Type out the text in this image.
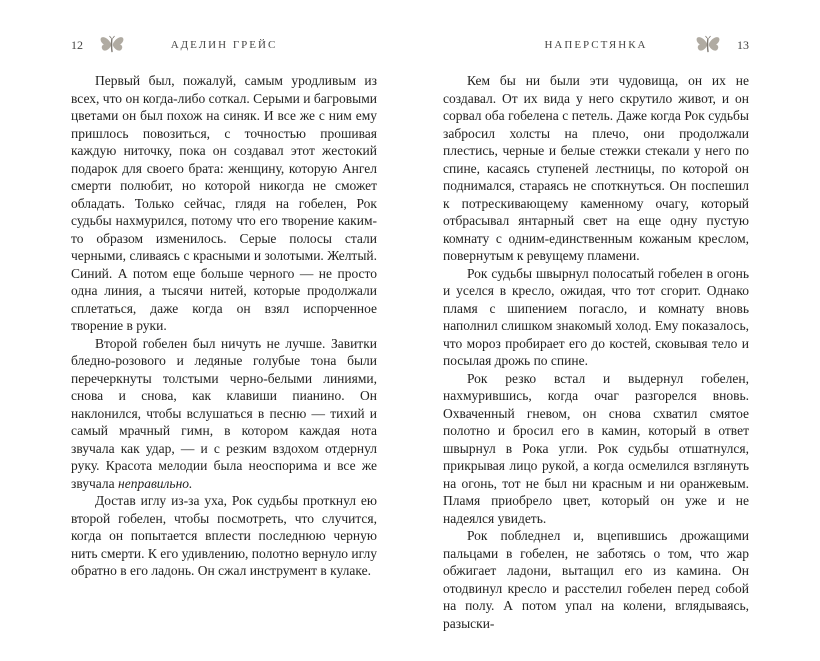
12	АДЕЛИН ГРЕЙС

Первый был, пожалуй, самым уродливым из всех, что он когда-либо соткал. Серыми и багровыми цветами он был похож на синяк. И все же с ним ему пришлось повозиться, с точностью прошивая каждую ниточку, пока он создавал этот жестокий подарок для своего брата: женщину, которую Ангел смерти полюбит, но которой никогда не сможет обладать. Только сейчас, глядя на гобелен, Рок судьбы нахмурился, потому что его творение каким-то образом изменилось. Серые полосы стали черными, сливаясь с красными и золотыми. Желтый. Синий. А потом еще больше черного — не просто одна линия, а тысячи нитей, которые продолжали сплетаться, даже когда он взял испорченное творение в руки.

Второй гобелен был ничуть не лучше. Завитки бледно-розового и ледяные голубые тона были перечеркнуты толстыми черно-белыми линиями, снова и снова, как клавиши пианино. Он наклонился, чтобы вслушаться в песню — тихий и самый мрачный гимн, в котором каждая нота звучала как удар, — и с резким вздохом отдернул руку. Красота мелодии была неоспорима и все же звучала неправильно.

Достав иглу из-за уха, Рок судьбы проткнул ею второй гобелен, чтобы посмотреть, что случится, когда он попытается вплести последнюю черную нить смерти. К его удивлению, полотно вернуло иглу обратно в его ладонь. Он сжал инструмент в кулаке.

НАПЕРСТЯНКА	13

Кем бы ни были эти чудовища, он их не создавал. От их вида у него скрутило живот, и он сорвал оба гобелена с петель. Даже когда Рок судьбы забросил холсты на плечо, они продолжали плестись, черные и белые стежки стекали у него по спине, касаясь ступеней лестницы, по которой он поднимался, стараясь не споткнуться. Он поспешил к потрескивающему каменному очагу, который отбрасывал янтарный свет на еще одну пустую комнату с одним-единственным кожаным креслом, повернутым к ревущему пламени.

Рок судьбы швырнул полосатый гобелен в огонь и уселся в кресло, ожидая, что тот сгорит. Однако пламя с шипением погасло, и комнату вновь наполнил слишком знакомый холод. Ему показалось, что мороз пробирает его до костей, сковывая тело и посылая дрожь по спине.

Рок резко встал и выдернул гобелен, нахмурившись, когда очаг разгорелся вновь. Охваченный гневом, он снова схватил смятое полотно и бросил его в камин, который в ответ швырнул в Рока угли. Рок судьбы отшатнулся, прикрывая лицо рукой, а когда осмелился взглянуть на огонь, тот не был ни красным и ни оранжевым. Пламя приобрело цвет, который он уже и не надеялся увидеть.

Рок побледнел и, вцепившись дрожащими пальцами в гобелен, не заботясь о том, что жар обжигает ладони, вытащил его из камина. Он отодвинул кресло и расстелил гобелен перед собой на полу. А потом упал на колени, вглядываясь, разыски-
